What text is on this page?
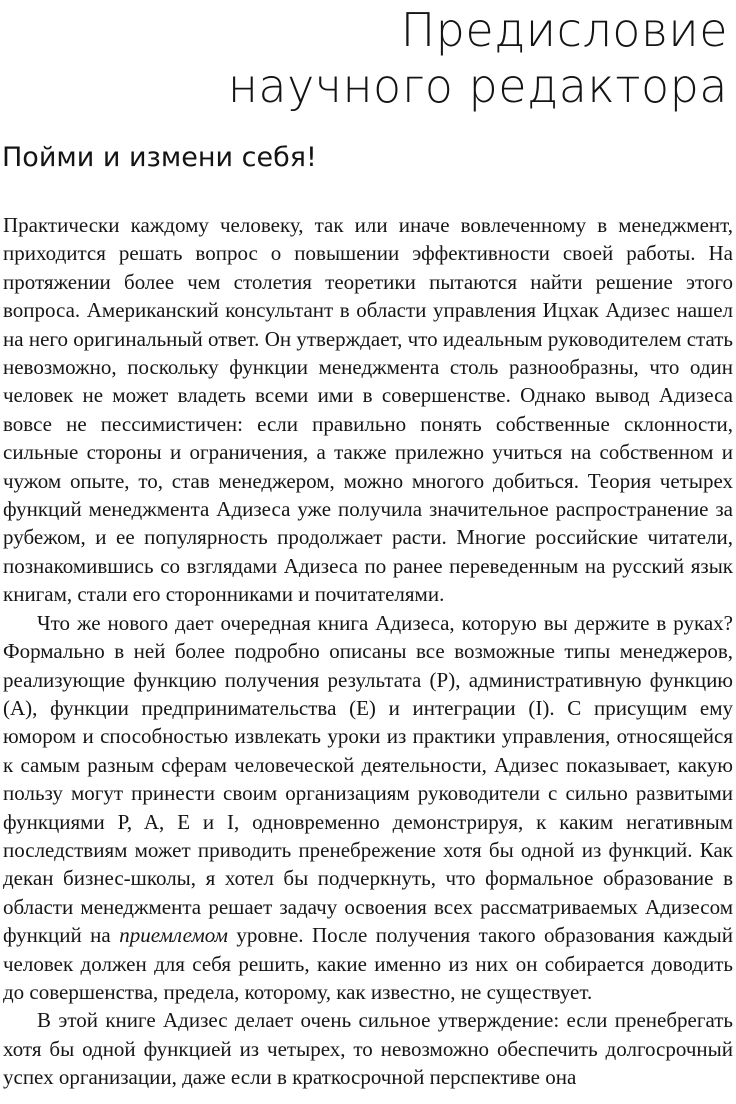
Предисловие
научного редактора
Пойми и измени себя!

Практически каждому человеку, так или иначе вовлеченному в менеджмент, приходится решать вопрос о повышении эффективности своей работы. На протяжении более чем столетия теоретики пытаются найти решение этого вопроса. Американский консультант в области управления Ицхак Адизес нашел на него оригинальный ответ. Он утверждает, что идеальным руководителем стать невозможно, поскольку функции менеджмента столь разнообразны, что один человек не может владеть всеми ими в совершенстве. Однако вывод Адизеса вовсе не пессимистичен: если правильно понять собственные склонности, сильные стороны и ограничения, а также прилежно учиться на собственном и чужом опыте, то, став менеджером, можно многого добиться. Теория четырех функций менеджмента Адизеса уже получила значительное распространение за рубежом, и ее популярность продолжает расти. Многие российские читатели, познакомившись со взглядами Адизеса по ранее переведенным на русский язык книгам, стали его сторонниками и почитателями.

Что же нового дает очередная книга Адизеса, которую вы держите в руках? Формально в ней более подробно описаны все возможные типы менеджеров, реализующие функцию получения результата (P), административную функцию (A), функции предпринимательства (E) и интеграции (I). С присущим ему юмором и способностью извлекать уроки из практики управления, относящейся к самым разным сферам человеческой деятельности, Адизес показывает, какую пользу могут принести своим организациям руководители с сильно развитыми функциями P, A, E и I, одновременно демонстрируя, к каким негативным последствиям может приводить пренебрежение хотя бы одной из функций. Как декан бизнес-школы, я хотел бы подчеркнуть, что формальное образование в области менеджмента решает задачу освоения всех рассматриваемых Адизесом функций на приемлемом уровне. После получения такого образования каждый человек должен для себя решить, какие именно из них он собирается доводить до совершенства, предела, которому, как известно, не существует.

В этой книге Адизес делает очень сильное утверждение: если пренебрегать хотя бы одной функцией из четырех, то невозможно обеспечить долгосрочный успех организации, даже если в краткосрочной перспективе она
